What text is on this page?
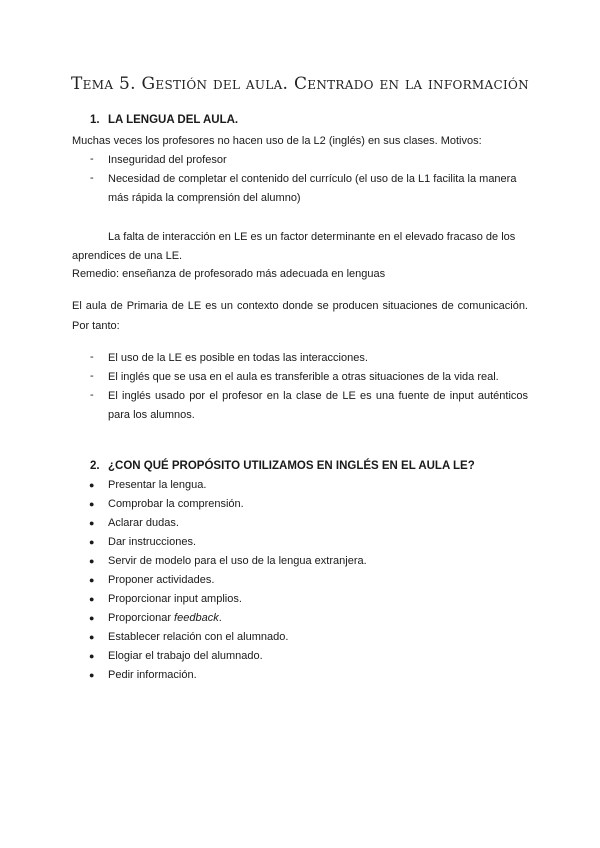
Tema 5. Gestión del aula. Centrado en la información
1. LA LENGUA DEL AULA.
Muchas veces los profesores no hacen uso de la L2 (inglés) en sus clases. Motivos:
- Inseguridad del profesor
- Necesidad de completar el contenido del currículo (el uso de la L1 facilita la manera
más rápida la comprensión del alumno)
La falta de interacción en LE es un factor determinante en el elevado fracaso de los
aprendices de una LE.
Remedio: enseñanza de profesorado más adecuada en lenguas
El aula de Primaria de LE es un contexto donde se producen situaciones de comunicación.
Por tanto:
- El uso de la LE es posible en todas las interacciones.
- El inglés que se usa en el aula es transferible a otras situaciones de la vida real.
- El inglés usado por el profesor en la clase de LE es una fuente de input auténticos
para los alumnos.
2. ¿CON QUÉ PROPÓSITO UTILIZAMOS EN INGLÉS EN EL AULA LE?
● Presentar la lengua.
● Comprobar la comprensión.
● Aclarar dudas.
● Dar instrucciones.
● Servir de modelo para el uso de la lengua extranjera.
● Proponer actividades.
● Proporcionar input amplios.
● Proporcionar feedback.
● Establecer relación con el alumnado.
● Elogiar el trabajo del alumnado.
● Pedir información.
